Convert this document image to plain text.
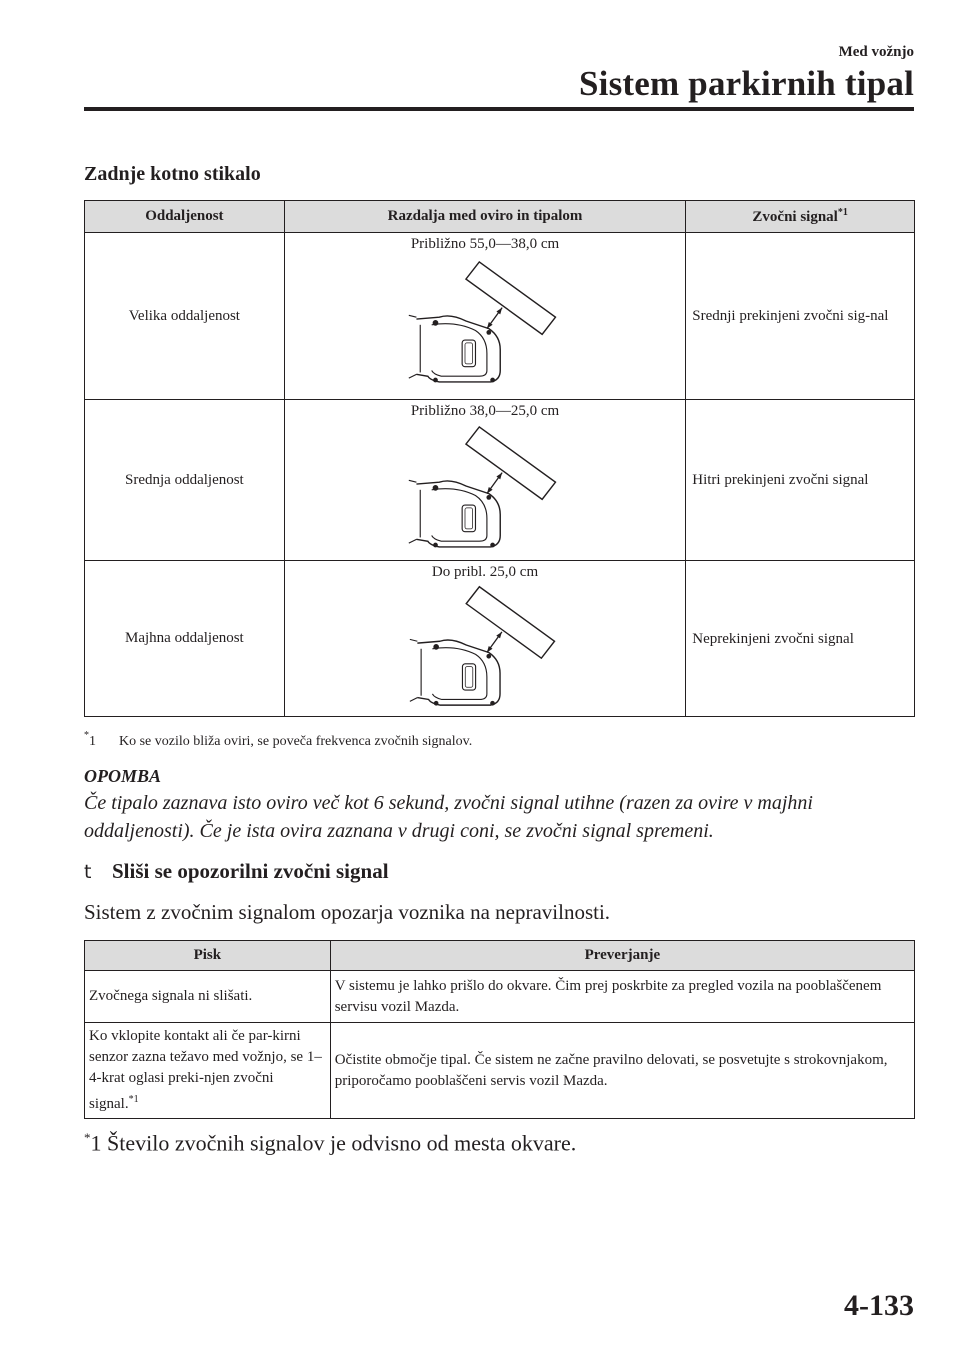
Med vožnjo
Sistem parkirnih tipal
Zadnje kotno stikalo
Oddaljenost	Razdalja med oviro in tipalom	Zvočni signal$^{*1}$
Velika oddaljenost	Približno 55,0—38,0 cm	Srednji prekinjeni zvočni sig-nal
Srednja oddaljenost	Približno 38,0—25,0 cm	Hitri prekinjeni zvočni signal
Majhna oddaljenost	Do pribl. 25,0 cm	Neprekinjeni zvočni signal
* 1 Ko se vozilo bliža oviri, se poveča frekvenca zvočnih signalov.
OPOMBA
Če tipalo zaznava isto oviro več kot 6 sekund, zvočni signal utihne (razen za ovire v majhni oddaljenosti). Če je ista ovira zaznana v drugi coni, se zvočni signal spremeni.
t Sliši se opozorilni zvočni signal
Sistem z zvočnim signalom opozarja voznika na nepravilnosti.
Pisk	Preverjanje
Zvočnega signala ni slišati.	V sistemu je lahko prišlo do okvare. Čim prej poskrbite za pregled vozila na pooblaščenem servisu vozil Mazda.
Ko vklopite kontakt ali če par-kirni senzor zazna težavo med vožnjo, se 1–4-krat oglasi preki-njen zvočni signal.$^{*1}$	Očistite območje tipal. Če sistem ne začne pravilno delovati, se posvetujte s strokovnjakom, priporočamo pooblaščeni servis vozil Mazda.
*1 Število zvočnih signalov je odvisno od mesta okvare.
4-133
